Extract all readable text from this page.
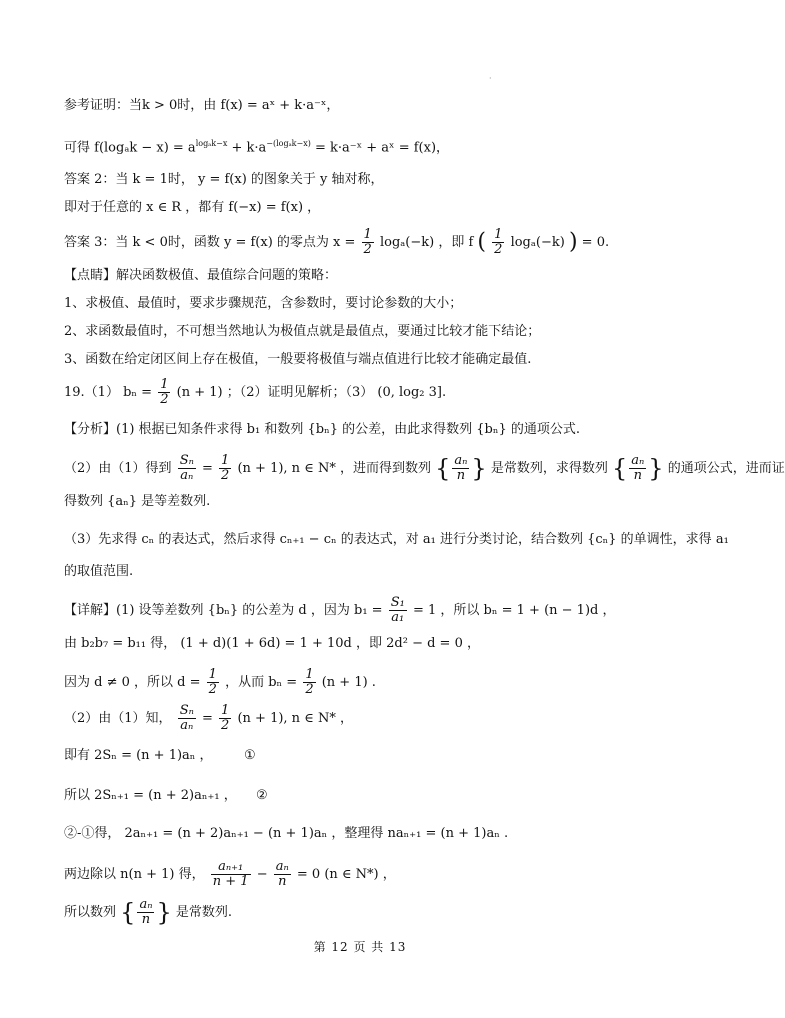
·
参考证明：当k > 0时，由 f(x) = aˣ + k·a⁻ˣ，
可得 $f(\log_ak - x) = a^{log_ak-x} + k\cdot a^{-(log_ak-x)}$ = k·a⁻ˣ + aˣ = f(x)，
答案 2：当 k = 1时， y = f(x) 的图象关于 y 轴对称，
即对于任意的 x ∈ R ，都有 f(−x) = f(x) ，
答案 3：当 k < 0时，函数 y = f(x) 的零点为 $x = \frac{1}{2} \log_a(-k)$ ，即 f ( $\frac{1}{2} \log_a(-k)$ ) = 0.
【点睛】解决函数极值、最值综合问题的策略：
1、求极值、最值时，要求步骤规范，含参数时，要讨论参数的大小；
2、求函数最值时，不可想当然地认为极值点就是最值点，要通过比较才能下结论；
3、函数在给定闭区间上存在极值，一般要将极值与端点值进行比较才能确定最值.
19.（1） $b_n = \frac{1}{2} (n + 1)$ ；（2）证明见解析；（3） (0, log₂ 3].
【分析】(1) 根据已知条件求得 b₁ 和数列 {bₙ} 的公差，由此求得数列 {bₙ} 的通项公式.
（2）由（1）得到 $\frac{\text{Sₙ}}{\text{aₙ}} = \frac{1}{2} (n + 1)$, n ∈ N* ，进而得到数列 { $\frac{\text{aₙ}}{n}$ } 是常数列，求得数列 { $\frac{\text{aₙ}}{n}$ } 的通项公式，进而证
得数列 {aₙ} 是等差数列.
（3）先求得 cₙ 的表达式，然后求得 cₙ₊₁ − cₙ 的表达式，对 a₁ 进行分类讨论，结合数列 {cₙ} 的单调性，求得 a₁
的取值范围.
【详解】(1) 设等差数列 {bₙ} 的公差为 d ，因为 $b_1 = \frac{\text{S₁}}{\text{a₁}} = 1$ ，所以 bₙ = 1 + (n − 1)d ，
由 b₂b₇ = b₁₁ 得， (1 + d)(1 + 6d) = 1 + 10d ，即 2d² − d = 0 ，
因为 d ≠ 0 ，所以 $d = \frac{1}{2}$ ，从而 $b_n = \frac{1}{2} (n + 1)$ .
（2）由（1）知， $\frac{\text{Sₙ}}{\text{aₙ}} = \frac{1}{2} (n + 1)$, n ∈ N* ，
即有 2Sₙ = (n + 1)aₙ ， ①
所以 2Sₙ₊₁ = (n + 2)aₙ₊₁ ， ②
②-①得， 2aₙ₊₁ = (n + 2)aₙ₊₁ − (n + 1)aₙ ，整理得 naₙ₊₁ = (n + 1)aₙ .
两边除以 n(n + 1) 得， $\frac{\text{aₙ₊₁}}{n + 1} - \frac{\text{aₙ}}{n} = 0$ (n ∈ N*) ，
所以数列 { $\frac{\text{aₙ}}{n}$ } 是常数列.
第 12 页 共 13
